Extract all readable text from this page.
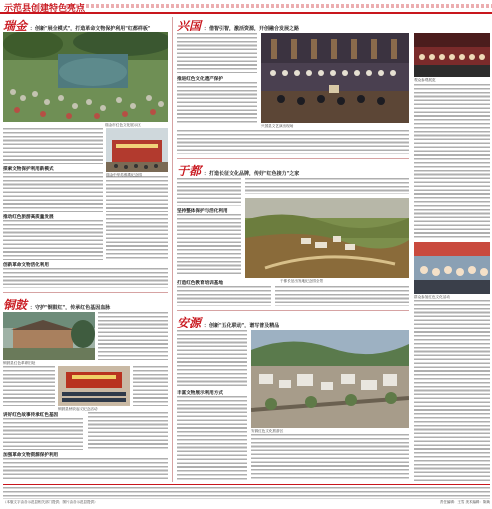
示范县创建特色亮点
瑞金 ：创新"展全模式"，打造革命文物保护利用"红都样板"
瑞金市红色文化展示区
探索文物保护利用新模式
瑞金中华苏维埃纪念园
推动红色旅游高质量发展
创新革命文物活化利用
铜鼓 ：守护"铜鼓红"，传承红色基因血脉
铜鼓县红色革命旧址
铜鼓县秋收起义纪念活动
讲好红色故事传承红色基因
加强革命文物资源保护利用
兴国 ：借智引智，激活资源，开创融合发展之路
兴国县文艺演出现场
推进红色文化遗产保护	观众参观展览
于都 ：打造长征文化品牌，传好"红色接力"之家
坚持整体保护与活化利用
于都长征出发地纪念园全景
打造红色教育培训基地
群众参加红色文化活动
安源 ：创新"五化联动"，谱写普及精品
安源红色文化旅游区
丰富文物展示利用方式
（本版文字由各示范县相关部门提供；图片由各示范县提供）	责任编辑：王雪 美术编辑：陈焕
